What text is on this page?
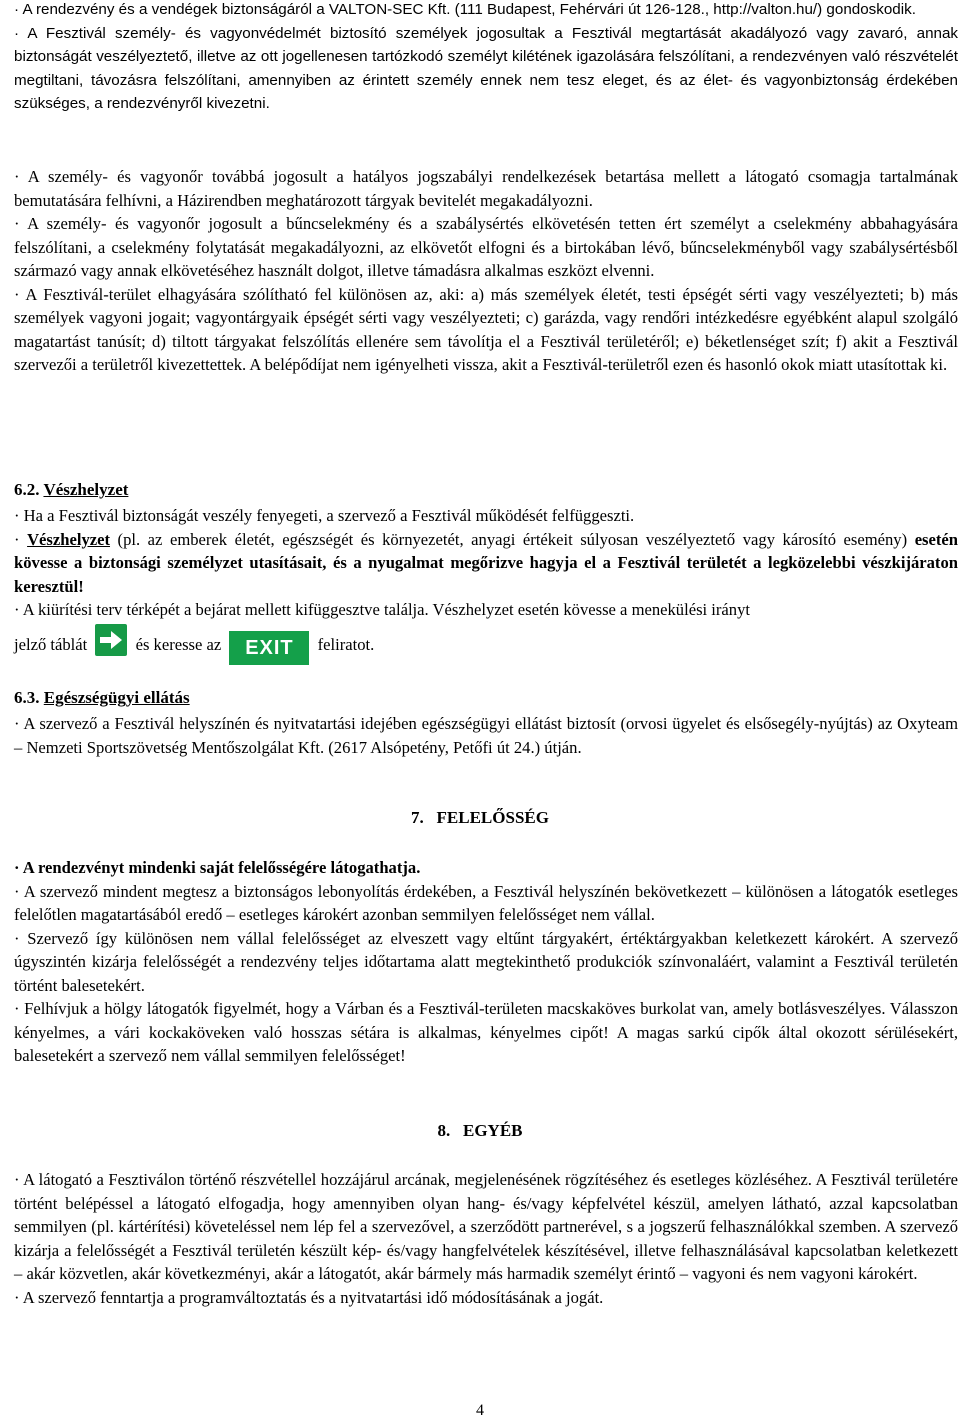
· A rendezvény és a vendégek biztonságáról a VALTON-SEC Kft. (111 Budapest, Fehérvári út 126-128., http://valton.hu/) gondoskodik.
· A Fesztivál személy- és vagyonvédelmét biztosító személyek jogosultak a Fesztivál megtartását akadályozó vagy zavaró, annak biztonságát veszélyeztető, illetve az ott jogellenesen tartózkodó személyt kilétének igazolására felszólítani, a rendezvényen való részvételét megtiltani, távozásra felszólítani, amennyiben az érintett személy ennek nem tesz eleget, és az élet- és vagyonbiztonság érdekében szükséges, a rendezvényről kivezetni.
· A személy- és vagyonőr továbbá jogosult a hatályos jogszabályi rendelkezések betartása mellett a látogató csomagja tartalmának bemutatására felhívni, a Házirendben meghatározott tárgyak bevitelét megakadályozni.
· A személy- és vagyonőr jogosult a bűncselekmény és a szabálysértés elkövetésén tetten ért személyt a cselekmény abbahagyására felszólítani, a cselekmény folytatását megakadályozni, az elkövetőt elfogni és a birtokában lévő, bűncselekményből vagy szabálysértésből származó vagy annak elkövetéséhez használt dolgot, illetve támadásra alkalmas eszközt elvenni.
· A Fesztivál-terület elhagyására szólítható fel különösen az, aki: a) más személyek életét, testi épségét sérti vagy veszélyezteti; b) más személyek vagyoni jogait; vagyontárgyaik épségét sérti vagy veszélyezteti; c) garázda, vagy rendőri intézkedésre egyébként alapul szolgáló magatartást tanúsít; d) tiltott tárgyakat felszólítás ellenére sem távolítja el a Fesztivál területéről; e) béketlenséget szít; f) akit a Fesztivál szervezői a területről kivezettettek. A belépődíjat nem igényelheti vissza, akit a Fesztivál-területről ezen és hasonló okok miatt utasítottak ki.
6.2. Vészhelyzet
· Ha a Fesztivál biztonságát veszély fenyegeti, a szervező a Fesztivál működését felfüggeszti.
· Vészhelyzet (pl. az emberek életét, egészségét és környezetét, anyagi értékeit súlyosan veszélyeztető vagy károsító esemény) esetén kövesse a biztonsági személyzet utasításait, és a nyugalmat megőrizve hagyja el a Fesztivál területét a legközelebbi vészkijáraton keresztül!
· A kiürítési terv térképét a bejárat mellett kifüggesztve találja. Vészhelyzet esetén kövesse a menekülési irányt
jelző táblát	és keresse az EXIT feliratot.
6.3. Egészségügyi ellátás
· A szervező a Fesztivál helyszínén és nyitvatartási idejében egészségügyi ellátást biztosít (orvosi ügyelet és elsősegély-nyújtás) az Oxyteam – Nemzeti Sportszövetség Mentőszolgálat Kft. (2617 Alsópetény, Petőfi út 24.) útján.
7.   FELELŐSSÉG
· A rendezvényt mindenki saját felelősségére látogathatja.
· A szervező mindent megtesz a biztonságos lebonyolítás érdekében, a Fesztivál helyszínén bekövetkezett – különösen a látogatók esetleges felelőtlen magatartásából eredő – esetleges károkért azonban semmilyen felelősséget nem vállal.
· Szervező így különösen nem vállal felelősséget az elveszett vagy eltűnt tárgyakért, értéktárgyakban keletkezett károkért. A szervező úgyszintén kizárja felelősségét a rendezvény teljes időtartama alatt megtekinthető produkciók színvonaláért, valamint a Fesztivál területén történt balesetekért.
· Felhívjuk a hölgy látogatók figyelmét, hogy a Várban és a Fesztivál-területen macskaköves burkolat van, amely botlásveszélyes. Válasszon kényelmes, a vári kockaköveken való hosszas sétára is alkalmas, kényelmes cipőt! A magas sarkú cipők által okozott sérülésekért, balesetekért a szervező nem vállal semmilyen felelősséget!
8.   EGYÉB
· A látogató a Fesztiválon történő részvétellel hozzájárul arcának, megjelenésének rögzítéséhez és esetleges közléséhez. A Fesztivál területére történt belépéssel a látogató elfogadja, hogy amennyiben olyan hang- és/vagy képfelvétel készül, amelyen látható, azzal kapcsolatban semmilyen (pl. kártérítési) követeléssel nem lép fel a szervezővel, a szerződött partnerével, s a jogszerű felhasználókkal szemben. A szervező kizárja a felelősségét a Fesztivál területén készült kép- és/vagy hangfelvételek készítésével, illetve felhasználásával kapcsolatban keletkezett – akár közvetlen, akár következményi, akár a látogatót, akár bármely más harmadik személyt érintő – vagyoni és nem vagyoni károkért.
· A szervező fenntartja a programváltoztatás és a nyitvatartási idő módosításának a jogát.
4
